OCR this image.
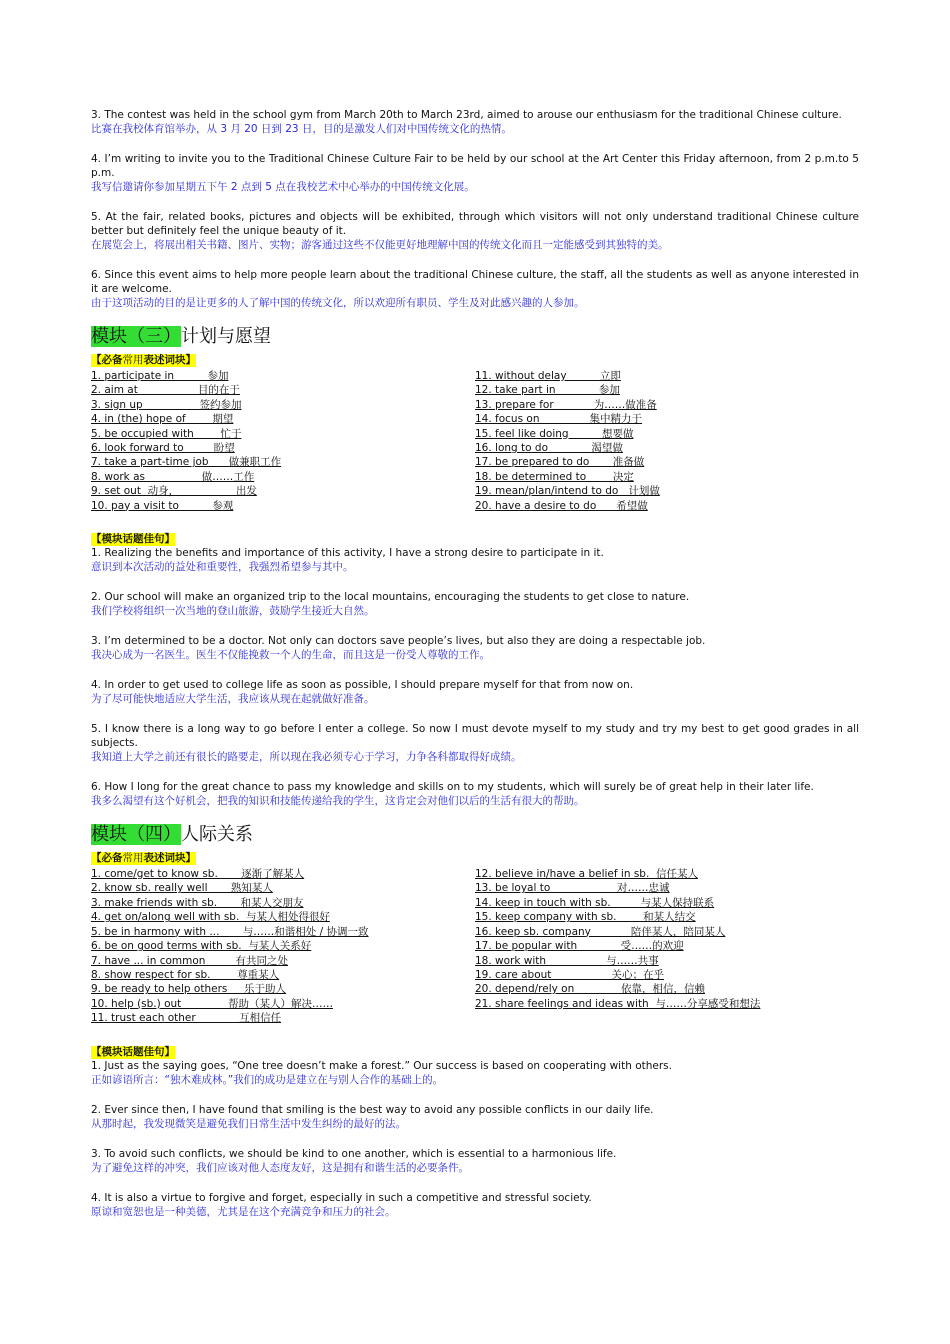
3. The contest was held in the school gym from March 20th to March 23rd, aimed to arouse our enthusiasm for the traditional Chinese culture.
比赛在我校体育馆举办，从 3 月 20 日到 23 日，目的是激发人们对中国传统文化的热情。
4. I’m writing to invite you to the Traditional Chinese Culture Fair to be held by our school at the Art Center this Friday afternoon, from 2 p.m.to 5 p.m.
我写信邀请你参加星期五下午 2 点到 5 点在我校艺术中心举办的中国传统文化展。
5. At the fair, related books, pictures and objects will be exhibited, through which visitors will not only understand traditional Chinese culture better but definitely feel the unique beauty of it.
在展览会上，将展出相关书籍、图片、实物；游客通过这些不仅能更好地理解中国的传统文化而且一定能感受到其独特的美。
6. Since this event aims to help more people learn about the traditional Chinese culture, the staff, all the students as well as anyone interested in it are welcome.
由于这项活动的目的是让更多的人了解中国的传统文化，所以欢迎所有职员、学生及对此感兴趣的人参加。
模块（三）计划与愿望
【必备常用表述词块】
1. participate in          参加
2. aim at                  目的在于
3. sign up                 签约参加
4. in (the) hope of        期望
5. be occupied with        忙于
6. look forward to         盼望
7. take a part-time job      做兼职工作
8. work as                 做……工作
9. set out  动身，                 出发
10. pay a visit to          参观
11. without delay          立即
12. take part in             参加
13. prepare for            为……做准备
14. focus on               集中精力于
15. feel like doing          想要做
16. long to do             渴望做
17. be prepared to do       准备做
18. be determined to        决定
19. mean/plan/intend to do   计划做
20. have a desire to do      希望做
【模块话题佳句】
1. Realizing the benefits and importance of this activity, I have a strong desire to participate in it.
意识到本次活动的益处和重要性，我强烈希望参与其中。
2. Our school will make an organized trip to the local mountains, encouraging the students to get close to nature.
我们学校将组织一次当地的登山旅游，鼓励学生接近大自然。
3. I’m determined to be a doctor. Not only can doctors save people’s lives, but also they are doing a respectable job.
我决心成为一名医生。医生不仅能挽救一个人的生命，而且这是一份受人尊敬的工作。
4. In order to get used to college life as soon as possible, I should prepare myself for that from now on.
为了尽可能快地适应大学生活，我应该从现在起就做好准备。
5. I know there is a long way to go before I enter a college. So now I must devote myself to my study and try my best to get good grades in all subjects.
我知道上大学之前还有很长的路要走，所以现在我必须专心于学习，力争各科都取得好成绩。
6. How I long for the great chance to pass my knowledge and skills on to my students, which will surely be of great help in their later life.
我多么渴望有这个好机会，把我的知识和技能传递给我的学生，这肯定会对他们以后的生活有很大的帮助。
模块（四）人际关系
【必备常用表述词块】
1. come/get to know sb.       逐渐了解某人
2. know sb. really well       熟知某人
3. make friends with sb.       和某人交朋友
4. get on/along well with sb.  与某人相处得很好
5. be in harmony with ...       与……和谐相处 / 协调一致
6. be on good terms with sb.  与某人关系好
7. have ... in common         有共同之处
8. show respect for sb.        尊重某人
9. be ready to help others     乐于助人
10. help (sb.) out              帮助（某人）解决……
11. trust each other             互相信任
12. believe in/have a belief in sb.  信任某人
13. be loyal to                    对……忠诚
14. keep in touch with sb.         与某人保持联系
15. keep company with sb.        和某人结交
16. keep sb. company            陪伴某人，陪同某人
17. be popular with             受……的欢迎
18. work with                  与……共事
19. care about                  关心；在乎
20. depend/rely on              依靠，相信，信赖
21. share feelings and ideas with  与……分享感受和想法
【模块话题佳句】
1. Just as the saying goes, “One tree doesn’t make a forest.” Our success is based on cooperating with others.
正如谚语所言：“独木难成林。”我们的成功是建立在与别人合作的基础上的。
2. Ever since then, I have found that smiling is the best way to avoid any possible conflicts in our daily life.
从那时起，我发现微笑是避免我们日常生活中发生纠纷的最好的法。
3. To avoid such conflicts, we should be kind to one another, which is essential to a harmonious life.
为了避免这样的冲突，我们应该对他人态度友好，这是拥有和谐生活的必要条件。
4. It is also a virtue to forgive and forget, especially in such a competitive and stressful society.
原谅和宽恕也是一种美德，尤其是在这个充满竞争和压力的社会。
